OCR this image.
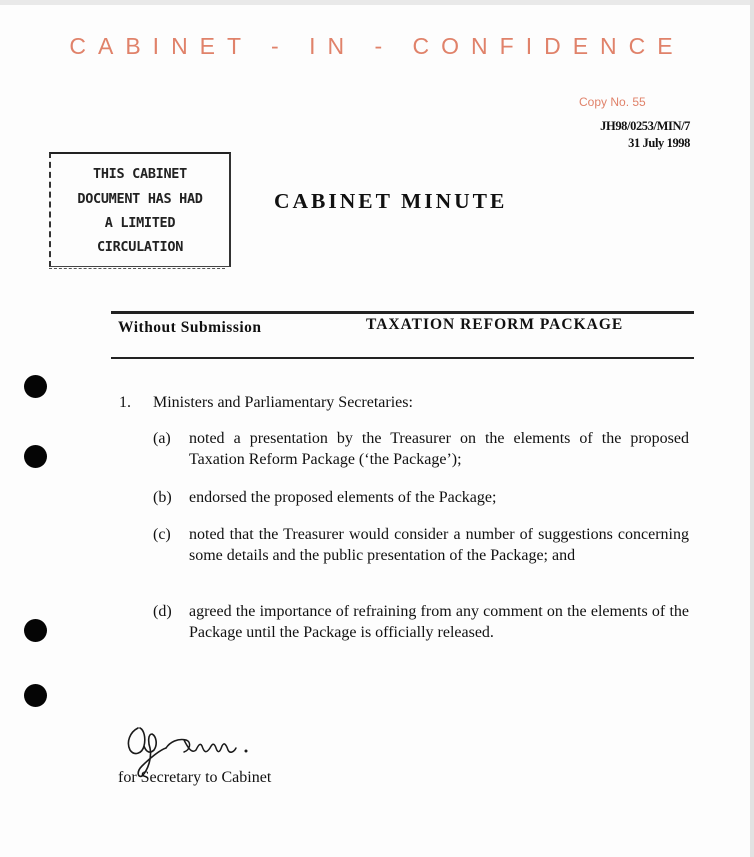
CABINET - IN - CONFIDENCE
Copy No. 55
JH98/0253/MIN/7
31 July 1998
THIS CABINET
DOCUMENT HAS HAD
A LIMITED
CIRCULATION
CABINET MINUTE
Without Submission	TAXATION REFORM PACKAGE
1. Ministers and Parliamentary Secretaries:
(a) noted a presentation by the Treasurer on the elements of the proposed Taxation Reform Package (‘the Package’);
(b) endorsed the proposed elements of the Package;
(c) noted that the Treasurer would consider a number of suggestions concerning some details and the public presentation of the Package; and
(d) agreed the importance of refraining from any comment on the elements of the Package until the Package is officially released.
for Secretary to Cabinet
